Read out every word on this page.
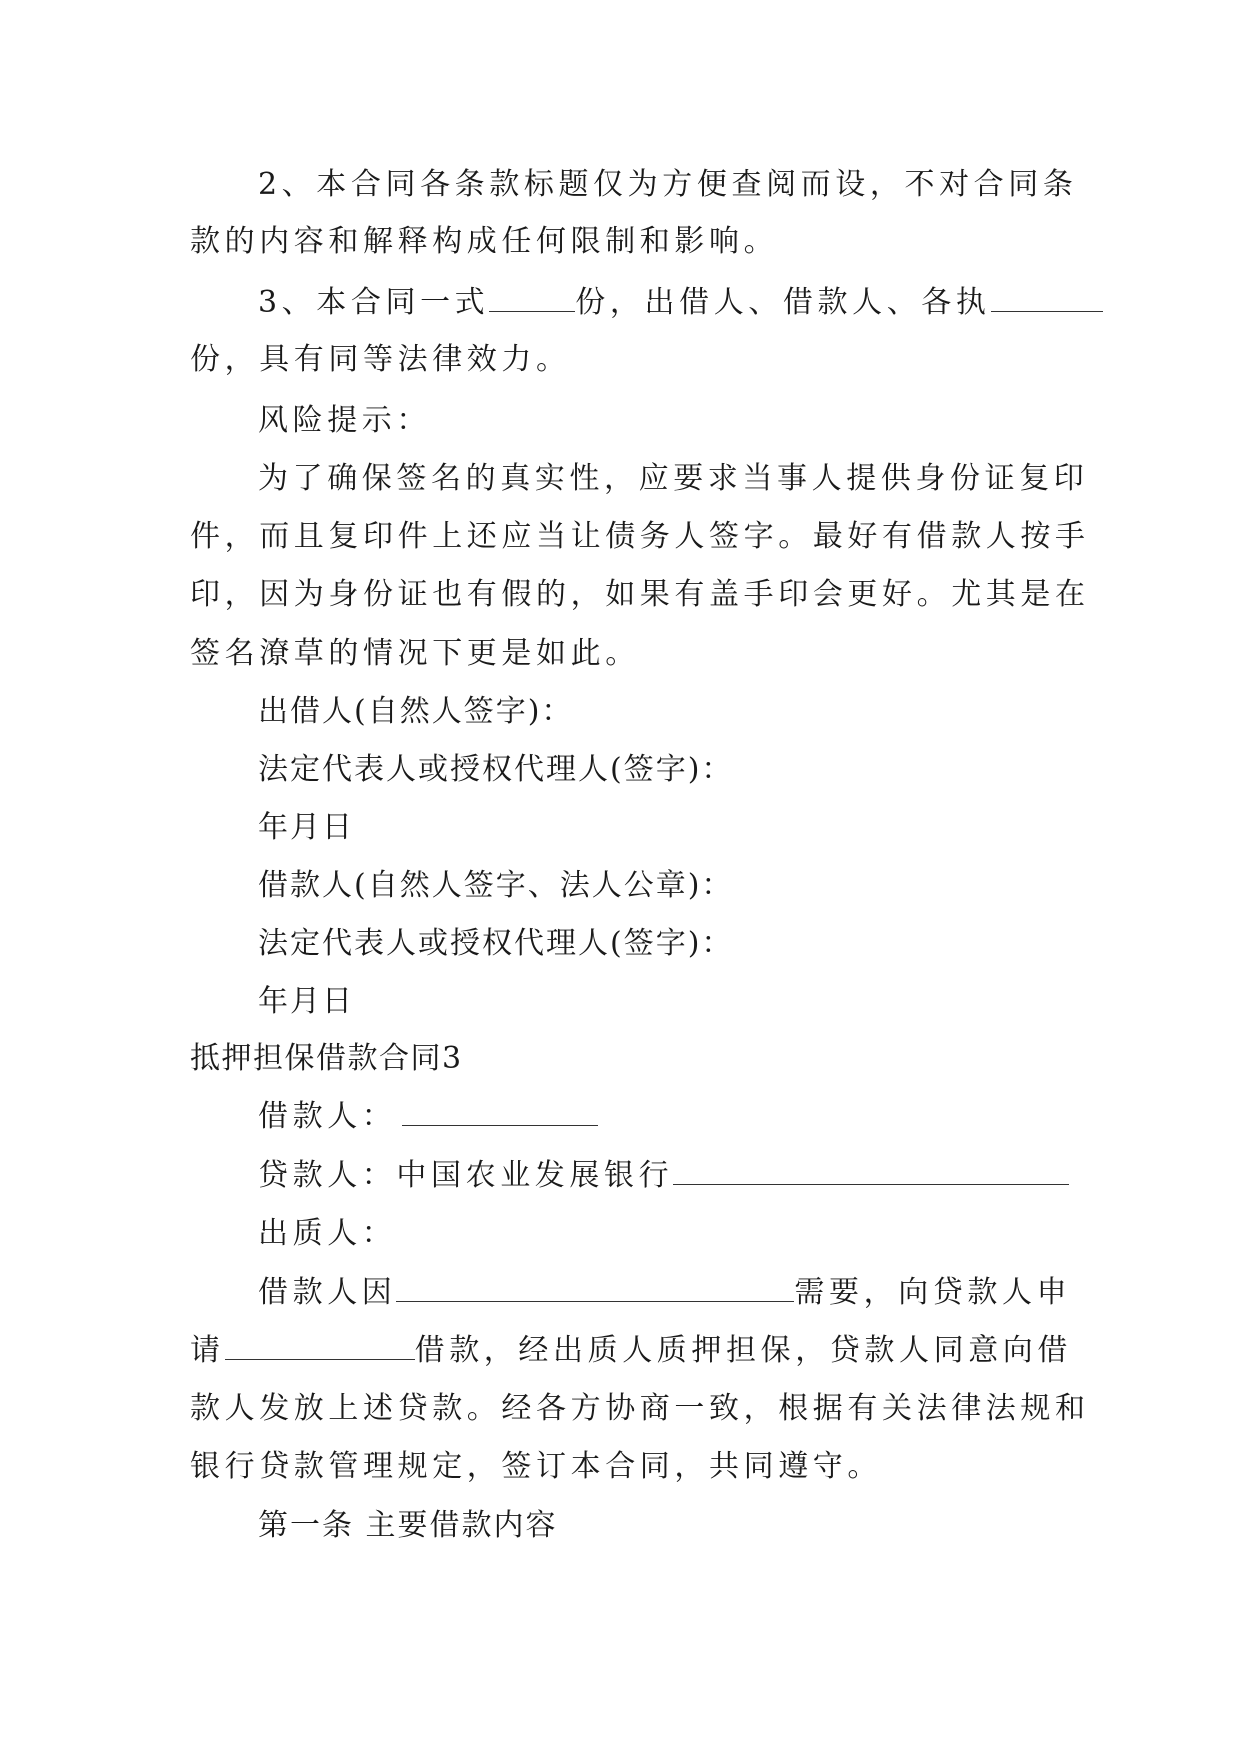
2、本合同各条款标题仅为方便查阅而设，不对合同条
款的内容和解释构成任何限制和影响。
3、本合同一式	份，出借人、借款人、各执
份，具有同等法律效力。
风险提示：
为了确保签名的真实性，应要求当事人提供身份证复印
件，而且复印件上还应当让债务人签字。最好有借款人按手
印，因为身份证也有假的，如果有盖手印会更好。尤其是在
签名潦草的情况下更是如此。
出借人(自然人签字)：
法定代表人或授权代理人(签字)：
年月日
借款人(自然人签字、法人公章)：
法定代表人或授权代理人(签字)：
年月日
抵押担保借款合同3
借款人：
贷款人：中国农业发展银行
出质人：
借款人因	需要，向贷款人申
请	借款，经出质人质押担保，贷款人同意向借
款人发放上述贷款。经各方协商一致，根据有关法律法规和
银行贷款管理规定，签订本合同，共同遵守。
第一条 主要借款内容
